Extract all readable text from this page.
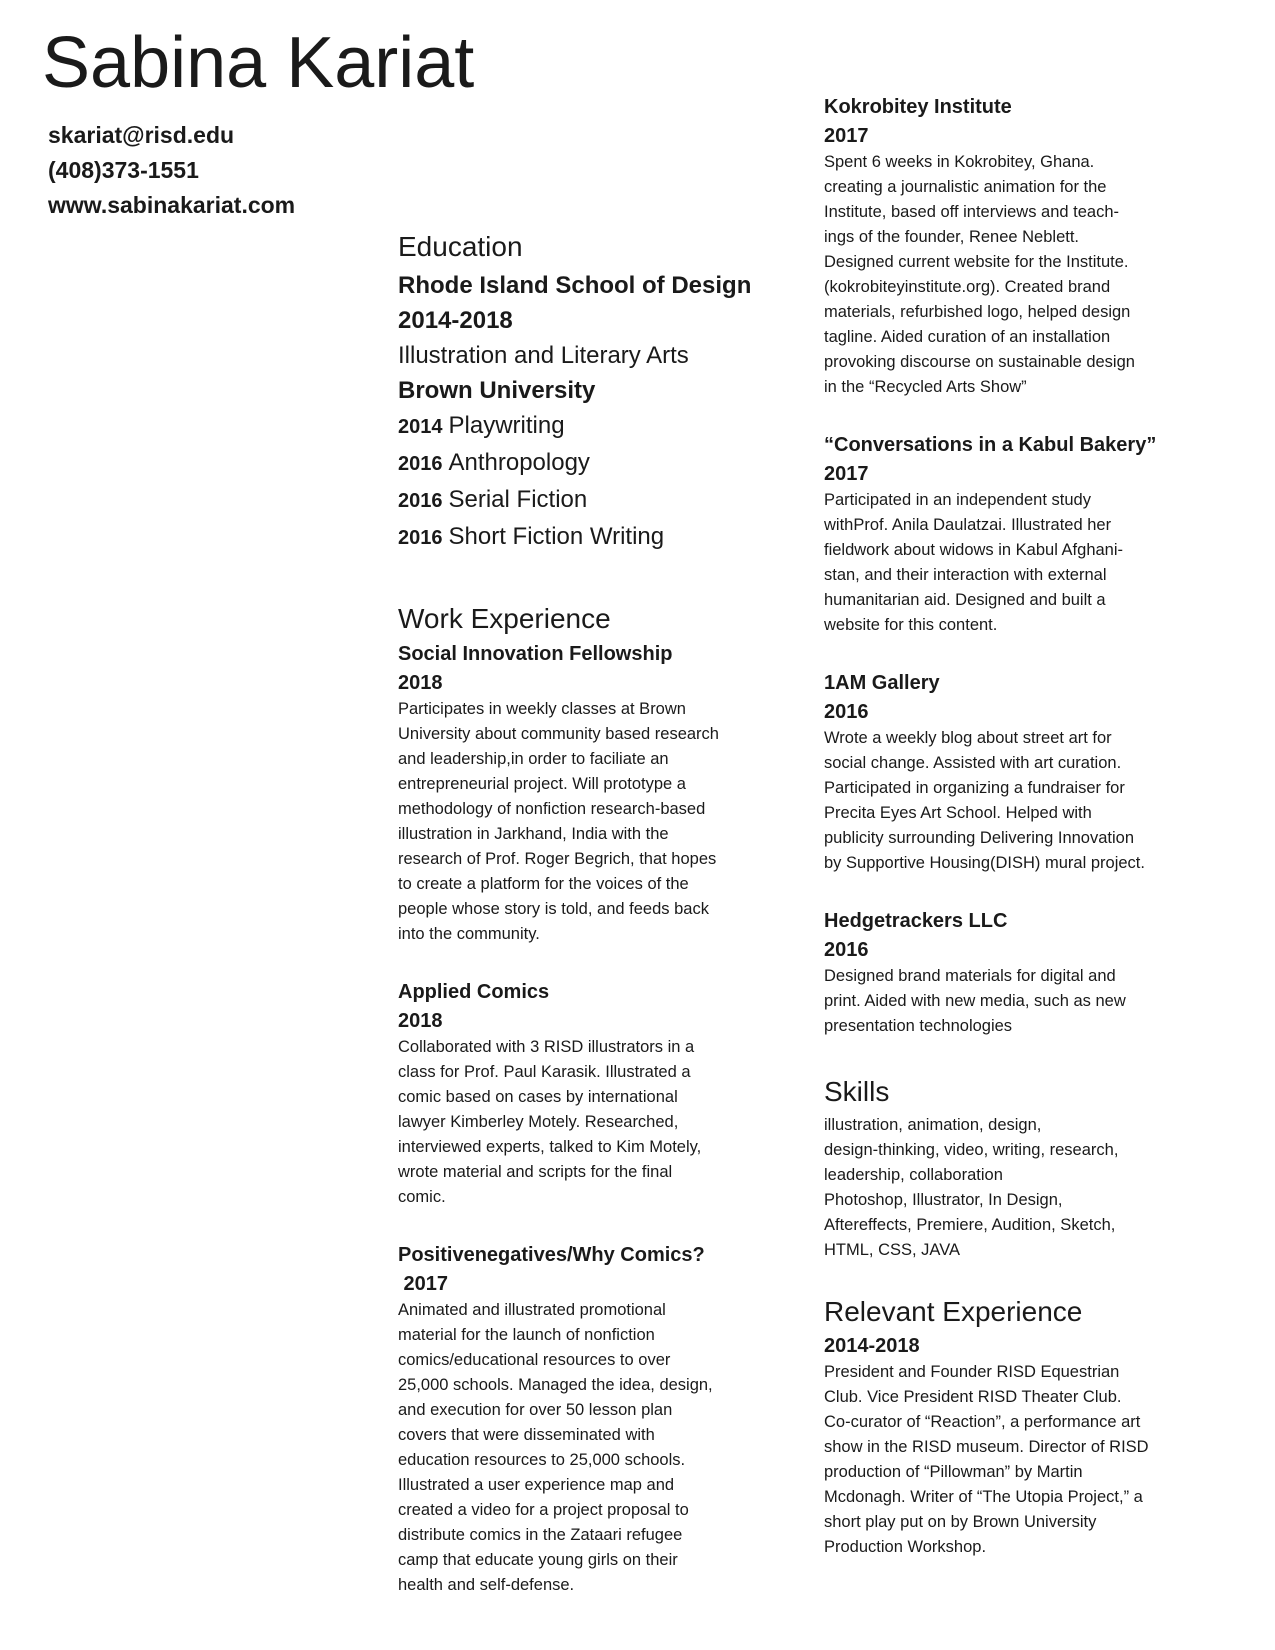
Sabina Kariat
skariat@risd.edu
(408)373-1551
www.sabinakariat.com
Education
Rhode Island School of Design
2014-2018
Illustration and Literary Arts
Brown University
2014 Playwriting
2016 Anthropology
2016 Serial Fiction
2016 Short Fiction Writing
Work Experience
Social Innovation Fellowship
2018
Participates in weekly classes at Brown
University about community based research
and leadership,in order to faciliate an
entrepreneurial project. Will prototype a
methodology of nonfiction research-based
illustration in Jarkhand, India with the
research of Prof. Roger Begrich, that hopes
to create a platform for the voices of the
people whose story is told, and feeds back
into the community.
Applied Comics
2018
Collaborated with 3 RISD illustrators in a
class for Prof. Paul Karasik. Illustrated a
comic based on cases by international
lawyer Kimberley Motely. Researched,
interviewed experts, talked to Kim Motely,
wrote material and scripts for the final
comic.
Positivenegatives/Why Comics?
2017
Animated and illustrated promotional
material for the launch of nonfiction
comics/educational resources to over
25,000 schools. Managed the idea, design,
and execution for over 50 lesson plan
covers that were disseminated with
education resources to 25,000 schools.
Illustrated a user experience map and
created a video for a project proposal to
distribute comics in the Zataari refugee
camp that educate young girls on their
health and self-defense.
Kokrobitey Institute
2017
Spent 6 weeks in Kokrobitey, Ghana.
creating a journalistic animation for the
Institute, based off interviews and teach-
ings of the founder, Renee Neblett.
Designed current website for the Institute.
(kokrobiteyinstitute.org). Created brand
materials, refurbished logo, helped design
tagline. Aided curation of an installation
provoking discourse on sustainable design
in the “Recycled Arts Show”
“Conversations in a Kabul Bakery”
2017
Participated in an independent study
withProf. Anila Daulatzai. Illustrated her
fieldwork about widows in Kabul Afghani-
stan, and their interaction with external
humanitarian aid. Designed and built a
website for this content.
1AM Gallery
2016
Wrote a weekly blog about street art for
social change. Assisted with art curation.
Participated in organizing a fundraiser for
Precita Eyes Art School. Helped with
publicity surrounding Delivering Innovation
by Supportive Housing(DISH) mural project.
Hedgetrackers LLC
2016
Designed brand materials for digital and
print. Aided with new media, such as new
presentation technologies
Skills
illustration, animation, design,
design-thinking, video, writing, research,
leadership, collaboration
Photoshop, Illustrator, In Design,
Aftereffects, Premiere, Audition, Sketch,
HTML, CSS, JAVA
Relevant Experience
2014-2018
President and Founder RISD Equestrian
Club. Vice President RISD Theater Club.
Co-curator of “Reaction”, a performance art
show in the RISD museum. Director of RISD
production of “Pillowman” by Martin
Mcdonagh. Writer of “The Utopia Project,” a
short play put on by Brown University
Production Workshop.
